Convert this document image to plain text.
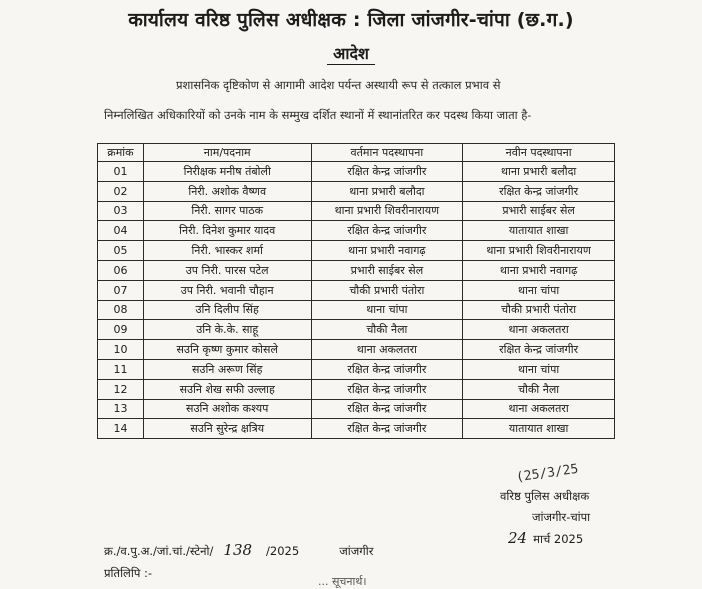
कार्यालय वरिष्ठ पुलिस अधीक्षक : जिला जांजगीर-चांपा (छ.ग.)
आदेश
प्रशासनिक दृष्टिकोण से आगामी आदेश पर्यन्त अस्थायी रूप से तत्काल प्रभाव से
निम्नलिखित अधिकारियों को उनके नाम के सम्मुख दर्शित स्थानों में स्थानांतरित कर पदस्थ किया जाता है-
क्रमांक	नाम/पदनाम	वर्तमान पदस्थापना	नवीन पदस्थापना
01	निरीक्षक मनीष तंबोली	रक्षित केन्द्र जांजगीर	थाना प्रभारी बलौदा
02	निरी. अशोक वैष्णव	थाना प्रभारी बलौदा	रक्षित केन्द्र जांजगीर
03	निरी. सागर पाठक	थाना प्रभारी शिवरीनारायण	प्रभारी साईबर सेल
04	निरी. दिनेश कुमार यादव	रक्षित केन्द्र जांजगीर	यातायात शाखा
05	निरी. भास्कर शर्मा	थाना प्रभारी नवागढ़	थाना प्रभारी शिवरीनारायण
06	उप निरी. पारस पटेल	प्रभारी साईबर सेल	थाना प्रभारी नवागढ़
07	उप निरी. भवानी चौहान	चौकी प्रभारी पंतोरा	थाना चांपा
08	उनि दिलीप सिंह	थाना चांपा	चौकी प्रभारी पंतोरा
09	उनि के.के. साहू	चौकी नैला	थाना अकलतरा
10	सउनि कृष्ण कुमार कोसले	थाना अकलतरा	रक्षित केन्द्र जांजगीर
11	सउनि अरूण सिंह	रक्षित केन्द्र जांजगीर	थाना चांपा
12	सउनि शेख सफी उल्लाह	रक्षित केन्द्र जांजगीर	चौकी नैला
13	सउनि अशोक कश्यप	रक्षित केन्द्र जांजगीर	थाना अकलतरा
14	सउनि सुरेन्द्र क्षत्रिय	रक्षित केन्द्र जांजगीर	यातायात शाखा
(25/3/25
वरिष्ठ पुलिस अधीक्षक
जांजगीर-चांपा
24 मार्च 2025
क्र./व.पु.अ./जां.चां./स्टेनो/ 138 /2025	जांजगीर
प्रतिलिपि :-
... सूचनार्थ।
